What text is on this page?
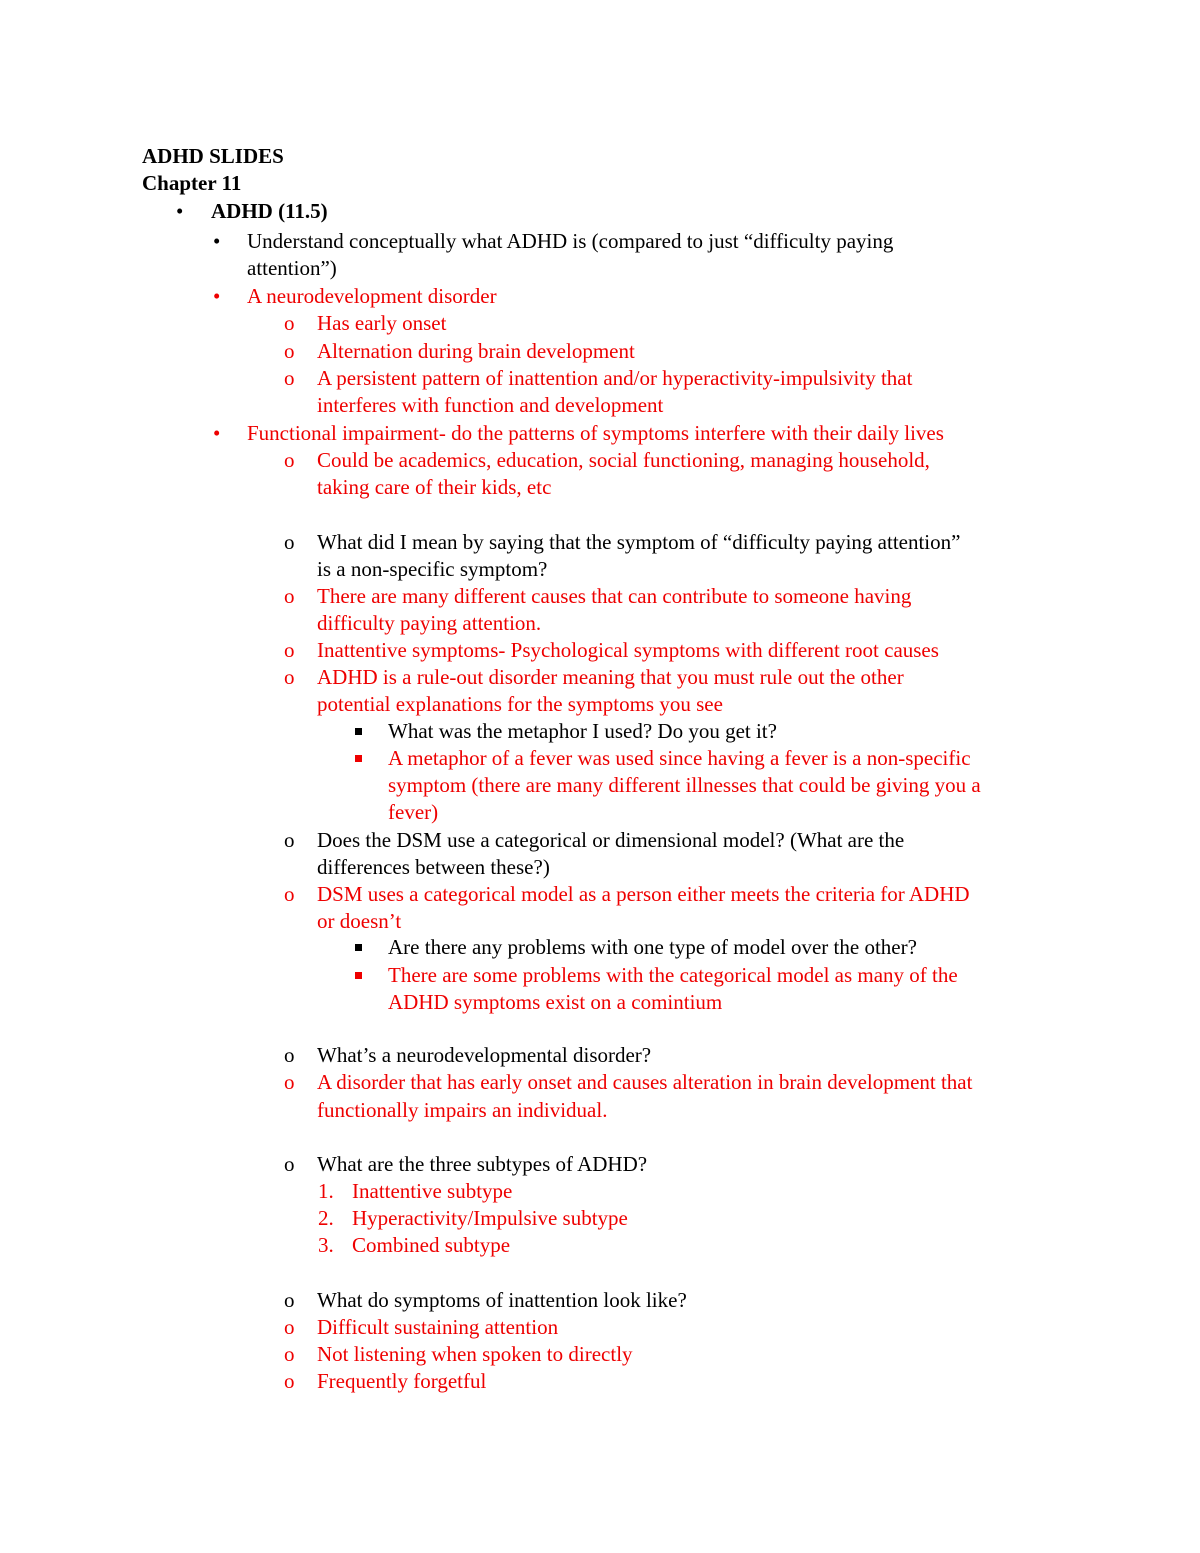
ADHD SLIDES
Chapter 11
• ADHD (11.5)
• Understand conceptually what ADHD is (compared to just “difficulty paying
attention”)
• A neurodevelopment disorder
o Has early onset
o Alternation during brain development
o A persistent pattern of inattention and/or hyperactivity-impulsivity that
interferes with function and development
• Functional impairment- do the patterns of symptoms interfere with their daily lives
o Could be academics, education, social functioning, managing household,
taking care of their kids, etc
o What did I mean by saying that the symptom of “difficulty paying attention”
is a non-specific symptom?
o There are many different causes that can contribute to someone having
difficulty paying attention.
o Inattentive symptoms- Psychological symptoms with different root causes
o ADHD is a rule-out disorder meaning that you must rule out the other
potential explanations for the symptoms you see
What was the metaphor I used? Do you get it?
A metaphor of a fever was used since having a fever is a non-specific
symptom (there are many different illnesses that could be giving you a
fever)
o Does the DSM use a categorical or dimensional model? (What are the
differences between these?)
o DSM uses a categorical model as a person either meets the criteria for ADHD
or doesn’t
Are there any problems with one type of model over the other?
There are some problems with the categorical model as many of the
ADHD symptoms exist on a comintium
o What’s a neurodevelopmental disorder?
o A disorder that has early onset and causes alteration in brain development that
functionally impairs an individual.
o What are the three subtypes of ADHD?
1. Inattentive subtype
2. Hyperactivity/Impulsive subtype
3. Combined subtype
o What do symptoms of inattention look like?
o Difficult sustaining attention
o Not listening when spoken to directly
o Frequently forgetful
